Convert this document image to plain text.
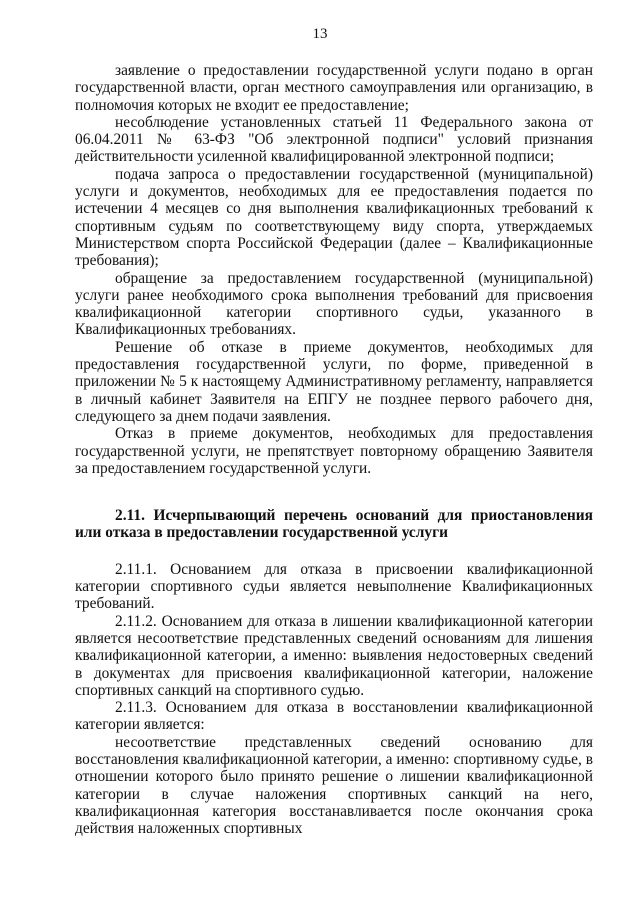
13

заявление о предоставлении государственной услуги подано в орган государственной власти, орган местного самоуправления или организацию, в полномочия которых не входит ее предоставление;

несоблюдение установленных статьей 11 Федерального закона от 06.04.2011 № 63-ФЗ "Об электронной подписи" условий признания действительности усиленной квалифицированной электронной подписи;

подача запроса о предоставлении государственной (муниципальной) услуги и документов, необходимых для ее предоставления подается по истечении 4 месяцев со дня выполнения квалификационных требований к спортивным судьям по соответствующему виду спорта, утверждаемых Министерством спорта Российской Федерации (далее – Квалификационные требования);

обращение за предоставлением государственной (муниципальной) услуги ранее необходимого срока выполнения требований для присвоения квалификационной категории спортивного судьи, указанного в Квалификационных требованиях.

Решение об отказе в приеме документов, необходимых для предоставления государственной услуги, по форме, приведенной в приложении № 5 к настоящему Административному регламенту, направляется в личный кабинет Заявителя на ЕПГУ не позднее первого рабочего дня, следующего за днем подачи заявления.

Отказ в приеме документов, необходимых для предоставления государственной услуги, не препятствует повторному обращению Заявителя за предоставлением государственной услуги.

2.11. Исчерпывающий перечень оснований для приостановления или отказа в предоставлении государственной услуги

2.11.1. Основанием для отказа в присвоении квалификационной категории спортивного судьи является невыполнение Квалификационных требований.

2.11.2. Основанием для отказа в лишении квалификационной категории является несоответствие представленных сведений основаниям для лишения квалификационной категории, а именно: выявления недостоверных сведений в документах для присвоения квалификационной категории, наложение спортивных санкций на спортивного судью.

2.11.3. Основанием для отказа в восстановлении квалификационной категории является:

несоответствие представленных сведений основанию для восстановления квалификационной категории, а именно: спортивному судье, в отношении которого было принято решение о лишении квалификационной категории в случае наложения спортивных санкций на него, квалификационная категория восстанавливается после окончания срока действия наложенных спортивных
